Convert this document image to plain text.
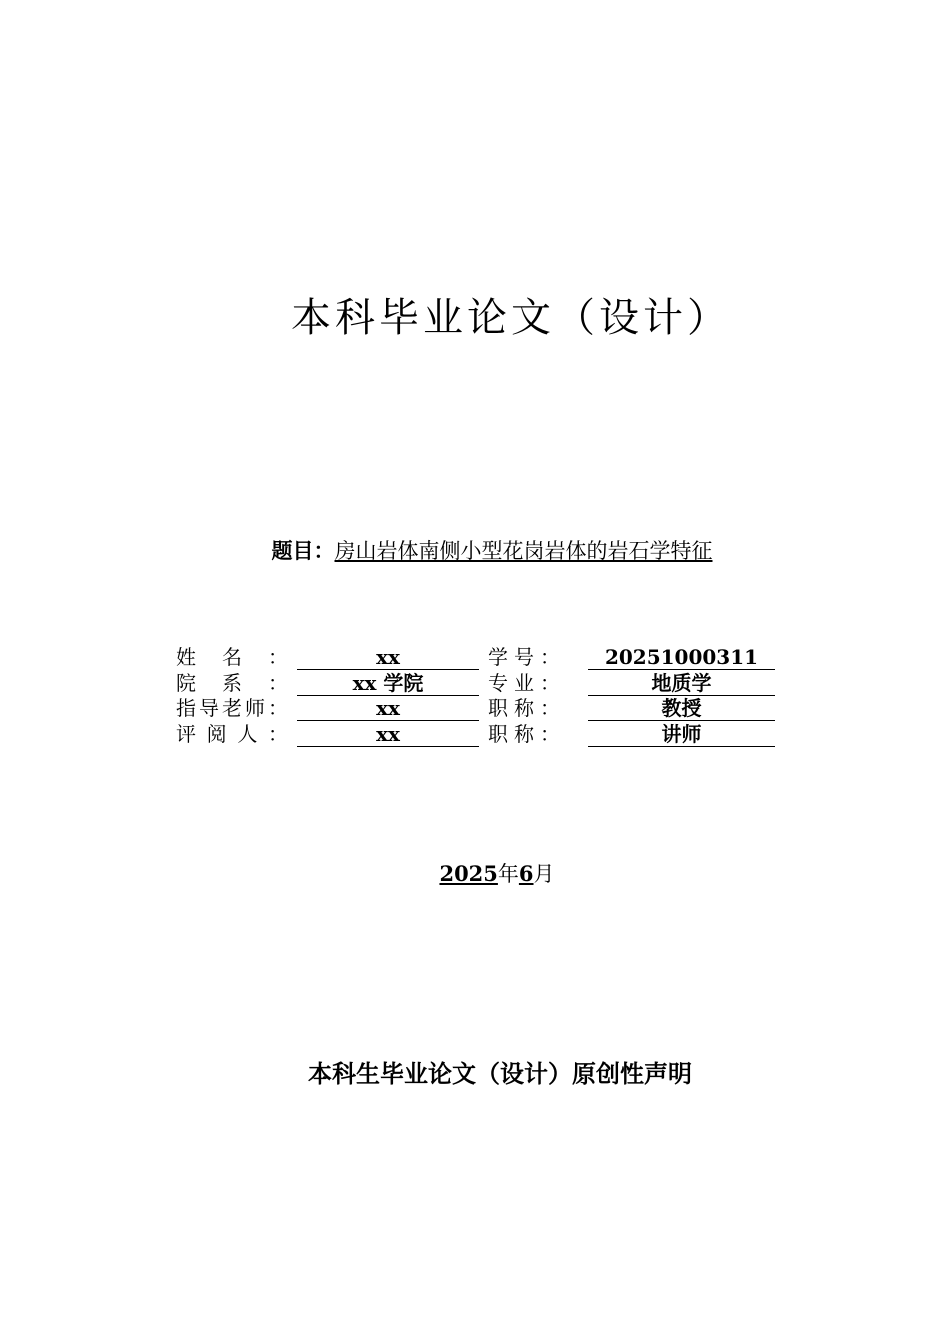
本科毕业论文（设计）
题目：房山岩体南侧小型花岗岩体的岩石学特征
姓名：	xx	学号：	20251000311
院系：	xx 学院	专业：	地质学
指导老师：	xx	职称：	教授
评阅人：	xx	职称：	讲师
2025年6月
本科生毕业论文（设计）原创性声明
